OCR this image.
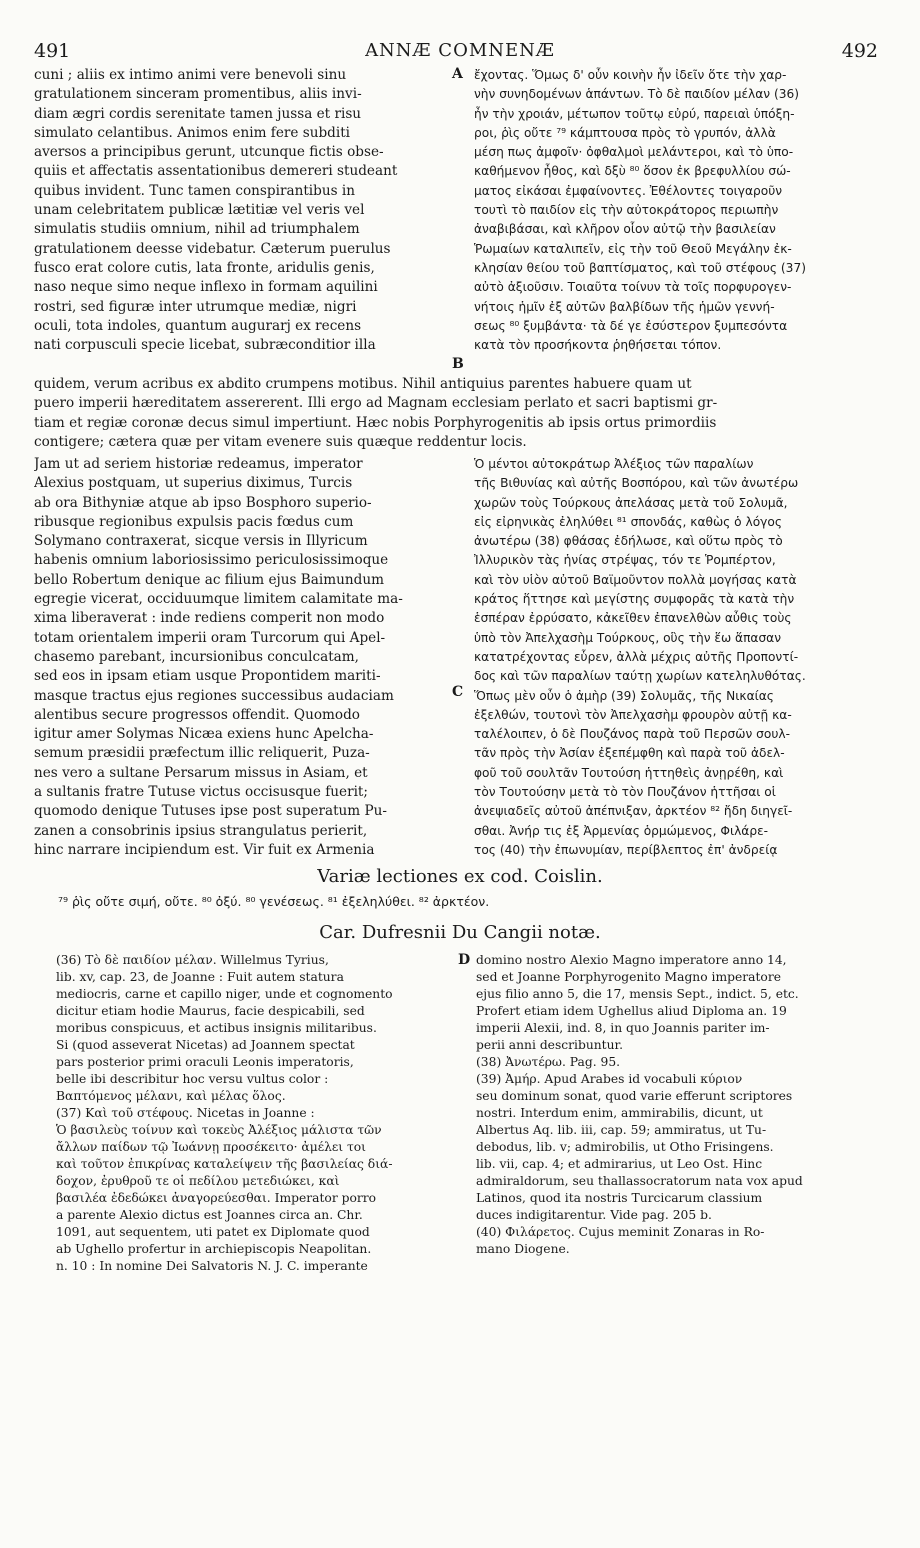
491	ANNÆ COMNENÆ	492
cuni ; aliis ex intimo animi vere benevoli sinu
gratulationem sinceram promentibus, aliis invi-
diam ægri cordis serenitate tamen jussa et risu
simulato celantibus. Animos enim fere subditi
aversos a principibus gerunt, utcunque fictis obse-
quiis et affectatis assentationibus demereri studeant
quibus invident. Tunc tamen conspirantibus in
unam celebritatem publicæ lætitiæ vel veris vel
simulatis studiis omnium, nihil ad triumphalem
gratulationem deesse videbatur. Cæterum puerulus
fusco erat colore cutis, lata fronte, aridulis genis,
naso neque simo neque inflexo in formam aquilini
rostri, sed figuræ inter utrumque mediæ, nigri
oculi, tota indoles, quantum augurarj ex recens
nati corpusculi specie licebat, subræconditior illa
ἔχοντας. Ὅμως δ' οὖν κοινὴν ἦν ἰδεῖν ὅτε τὴν χαρ-
νὴν συνηδομένων ἁπάντων. Τὸ δὲ παιδίον μέλαν (36)
ἦν τὴν χροιάν, μέτωπον τοῦτῳ εὐρύ, παρειαὶ ὑπόξη-
ροι, ῥὶς οὔτε ⁷⁹ κάμπτουσα πρὸς τὸ γρυπόν, ἀλλὰ
μέση πως ἀμφοῖν· ὀφθαλμοὶ μελάντεροι, καὶ τὸ ὑπο-
καθήμενον ἦθος, καὶ δξὺ ⁸⁰ ὅσον ἐκ βρεφυλλίου σώ-
ματος εἰκάσαι ἐμφαίνοντες. Ἐθέλοντες τοιγαροῦν
τουτὶ τὸ παιδίον εἰς τὴν αὐτοκράτορος περιωπὴν
ἀναβιβάσαι, καὶ κλῆρον οἷον αὐτῷ τὴν βασιλείαν
Ῥωμαίων καταλιπεῖν, εἰς τὴν τοῦ Θεοῦ Μεγάλην ἐκ-
κλησίαν θείου τοῦ βαπτίσματος, καὶ τοῦ στέφους (37)
αὐτὸ ἀξιοῦσιν. Τοιαῦτα τοίνυν τὰ τοῖς πορφυρογεν-
νήτοις ἡμῖν ἐξ αὐτῶν βαλβίδων τῆς ἡμῶν γεννή-
σεως ⁸⁰ ξυμβάντα· τὰ δέ γε ἐσύστερον ξυμπεσόντα
κατὰ τὸν προσήκοντα ῥηθήσεται τόπον.
A
B
quidem, verum acribus ex abdito crumpens motibus. Nihil antiquius parentes habuere quam ut
puero imperii hæreditatem assererent. Illi ergo ad Magnam ecclesiam perlato et sacri baptismi gr-
tiam et regiæ coronæ decus simul impertiunt. Hæc nobis Porphyrogenitis ab ipsis ortus primordiis
contigere; cætera quæ per vitam evenere suis quæque reddentur locis.
Jam ut ad seriem historiæ redeamus, imperator
Alexius postquam, ut superius diximus, Turcis
ab ora Bithyniæ atque ab ipso Bosphoro superio-
ribusque regionibus expulsis pacis fœdus cum
Solymano contraxerat, sicque versis in Illyricum
habenis omnium laboriosissimo periculosissimoque
bello Robertum denique ac filium ejus Baimundum
egregie vicerat, occiduumque limitem calamitate ma-
xima liberaverat : inde rediens comperit non modo
totam orientalem imperii oram Turcorum qui Apel-
chasemo parebant, incursionibus conculcatam,
sed eos in ipsam etiam usque Propontidem mariti-
masque tractus ejus regiones successibus audaciam
alentibus secure progressos offendit. Quomodo
igitur amer Solymas Nicæa exiens hunc Apelcha-
semum præsidii præfectum illic reliquerit, Puza-
nes vero a sultane Persarum missus in Asiam, et
a sultanis fratre Tutuse victus occisusque fuerit;
quomodo denique Tutuses ipse post superatum Pu-
zanen a consobrinis ipsius strangulatus perierit,
hinc narrare incipiendum est. Vir fuit ex Armenia
Ὁ μέντοι αὐτοκράτωρ Ἀλέξιος τῶν παραλίων
τῆς Βιθυνίας καὶ αὐτῆς Βοσπόρου, καὶ τῶν ἀνωτέρω
χωρῶν τοὺς Τούρκους ἀπελάσας μετὰ τοῦ Σολυμᾶ,
εἰς εἰρηνικὰς ἐληλύθει ⁸¹ σπονδάς, καθὼς ὁ λόγος
ἀνωτέρω (38) φθάσας ἐδήλωσε, καὶ οὕτω πρὸς τὸ
Ἰλλυρικὸν τὰς ἡνίας στρέψας, τόν τε Ῥομπέρτον,
καὶ τὸν υἱὸν αὐτοῦ Βαϊμοῦντον πολλὰ μογήσας κατὰ
κράτος ἥττησε καὶ μεγίστης συμφορᾶς τὰ κατὰ τὴν
ἑσπέραν ἐρρύσατο, κἀκεῖθεν ἐπανελθὼν αὖθις τοὺς
ὑπὸ τὸν Ἀπελχασὴμ Τούρκους, οὓς τὴν ἕω ἅπασαν
κατατρέχοντας εὗρεν, ἀλλὰ μέχρις αὐτῆς Προποντί-
δος καὶ τῶν παραλίων ταύτῃ χωρίων κατεληλυθότας.
Ὅπως μὲν οὖν ὁ ἀμὴρ (39) Σολυμᾶς, τῆς Νικαίας
ἐξελθών, τουτονὶ τὸν Ἀπελχασὴμ φρουρὸν αὐτῇ κα-
ταλέλοιπεν, ὁ δὲ Πουζάνος παρὰ τοῦ Περσῶν σουλ-
τᾶν πρὸς τὴν Ἀσίαν ἐξεπέμφθη καὶ παρὰ τοῦ ἀδελ-
φοῦ τοῦ σουλτᾶν Τουτούση ἡττηθεὶς ἀνῃρέθη, καὶ
τὸν Τουτούσην μετὰ τὸ τὸν Πουζάνον ἡττῆσαι οἱ
ἀνεψιαδεῖς αὐτοῦ ἀπέπνιξαν, ἀρκτέον ⁸² ἤδη διηγεῖ-
σθαι. Ἀνήρ τις ἐξ Ἀρμενίας ὁρμώμενος, Φιλάρε-
τος (40) τὴν ἐπωνυμίαν, περίβλεπτος ἐπ' ἀνδρείᾳ
C
Variæ lectiones ex cod. Coislin.
⁷⁹ ῥὶς οὔτε σιμή, οὔτε. ⁸⁰ ὀξύ. ⁸⁰ γενέσεως. ⁸¹ ἐξεληλύθει. ⁸² ἀρκτέον.
Car. Dufresnii Du Cangii notæ.
(36) Τὸ δὲ παιδίον μέλαν. Willelmus Tyrius,
lib. xv, cap. 23, de Joanne : Fuit autem statura
mediocris, carne et capillo niger, unde et cognomento
dicitur etiam hodie Maurus, facie despicabili, sed
moribus conspicuus, et actibus insignis militaribus.
Si (quod asseverat Nicetas) ad Joannem spectat
pars posterior primi oraculi Leonis imperatoris,
belle ibi describitur hoc versu vultus color :
Βαπτόμενος μέλανι, καὶ μέλας ὅλος.
(37) Καὶ τοῦ στέφους. Nicetas in Joanne :
Ὁ βασιλεὺς τοίνυν καὶ τοκεὺς Ἀλέξιος μάλιστα τῶν
ἄλλων παίδων τῷ Ἰωάννῃ προσέκειτο· ἀμέλει τοι
καὶ τοῦτον ἐπικρίνας καταλείψειν τῆς βασιλείας διά-
δοχον, ἐρυθροῦ τε οἱ πεδίλου μετεδιώκει, καὶ
βασιλέα ἐδεδώκει ἀναγορεύεσθαι. Imperator porro
a parente Alexio dictus est Joannes circa an. Chr.
1091, aut sequentem, uti patet ex Diplomate quod
ab Ughello profertur in archiepiscopis Neapolitan.
n. 10 : In nomine Dei Salvatoris N. J. C. imperante
domino nostro Alexio Magno imperatore anno 14,
sed et Joanne Porphyrogenito Magno imperatore
ejus filio anno 5, die 17, mensis Sept., indict. 5, etc.
Profert etiam idem Ughellus aliud Diploma an. 19
imperii Alexii, ind. 8, in quo Joannis pariter im-
perii anni describuntur.
(38) Ἀνωτέρω. Pag. 95.
(39) Ἀμήρ. Apud Arabes id vocabuli κύριον
seu dominum sonat, quod varie efferunt scriptores
nostri. Interdum enim, ammirabilis, dicunt, ut
Albertus Aq. lib. iii, cap. 59; ammiratus, ut Tu-
debodus, lib. v; admirobilis, ut Otho Frisingens.
lib. vii, cap. 4; et admirarius, ut Leo Ost. Hinc
admiraldorum, seu thallassocratorum nata vox apud
Latinos, quod ita nostris Turcicarum classium
duces indigitarentur. Vide pag. 205 b.
(40) Φιλάρετος. Cujus meminit Zonaras in Ro-
mano Diogene.
D
